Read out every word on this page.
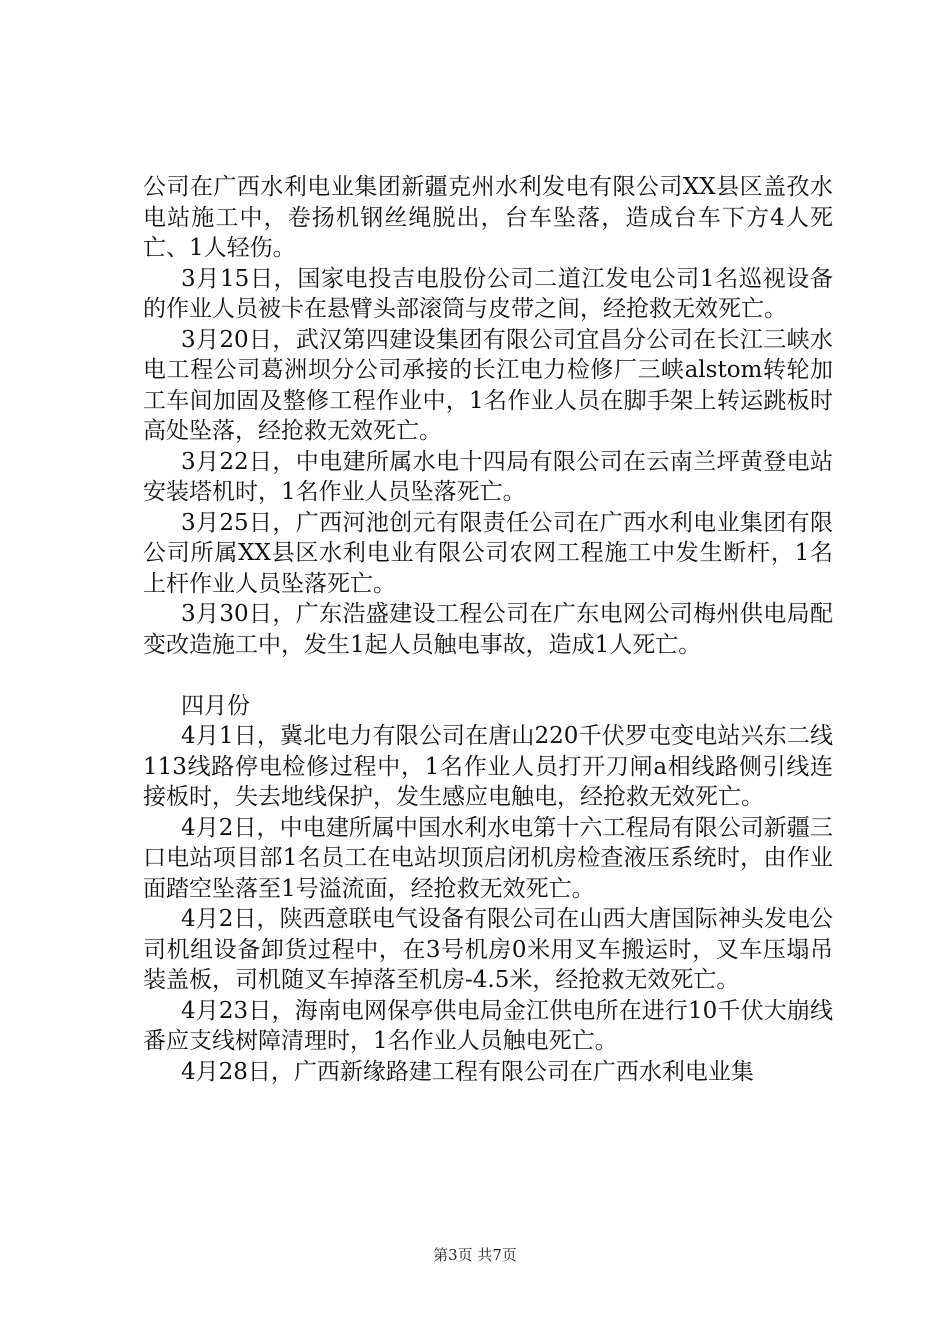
公司在广西水利电业集团新疆克州水利发电有限公司XX县区盖孜水电站施工中，卷扬机钢丝绳脱出，台车坠落，造成台车下方4人死亡、1人轻伤。

3月15日，国家电投吉电股份公司二道江发电公司1名巡视设备的作业人员被卡在悬臂头部滚筒与皮带之间，经抢救无效死亡。

3月20日，武汉第四建设集团有限公司宜昌分公司在长江三峡水电工程公司葛洲坝分公司承接的长江电力检修厂三峡alstom转轮加工车间加固及整修工程作业中，1名作业人员在脚手架上转运跳板时高处坠落，经抢救无效死亡。

3月22日，中电建所属水电十四局有限公司在云南兰坪黄登电站安装塔机时，1名作业人员坠落死亡。

3月25日，广西河池创元有限责任公司在广西水利电业集团有限公司所属XX县区水利电业有限公司农网工程施工中发生断杆，1名上杆作业人员坠落死亡。

3月30日，广东浩盛建设工程公司在广东电网公司梅州供电局配变改造施工中，发生1起人员触电事故，造成1人死亡。

四月份

4月1日，冀北电力有限公司在唐山220千伏罗屯变电站兴东二线113线路停电检修过程中，1名作业人员打开刀闸a相线路侧引线连接板时，失去地线保护，发生感应电触电，经抢救无效死亡。

4月2日，中电建所属中国水利水电第十六工程局有限公司新疆三口电站项目部1名员工在电站坝顶启闭机房检查液压系统时，由作业面踏空坠落至1号溢流面，经抢救无效死亡。

4月2日，陕西意联电气设备有限公司在山西大唐国际神头发电公司机组设备卸货过程中，在3号机房0米用叉车搬运时，叉车压塌吊装盖板，司机随叉车掉落至机房-4.5米，经抢救无效死亡。

4月23日，海南电网保亭供电局金江供电所在进行10千伏大崩线番应支线树障清理时，1名作业人员触电死亡。

4月28日，广西新缘路建工程有限公司在广西水利电业集

第3页 共7页
